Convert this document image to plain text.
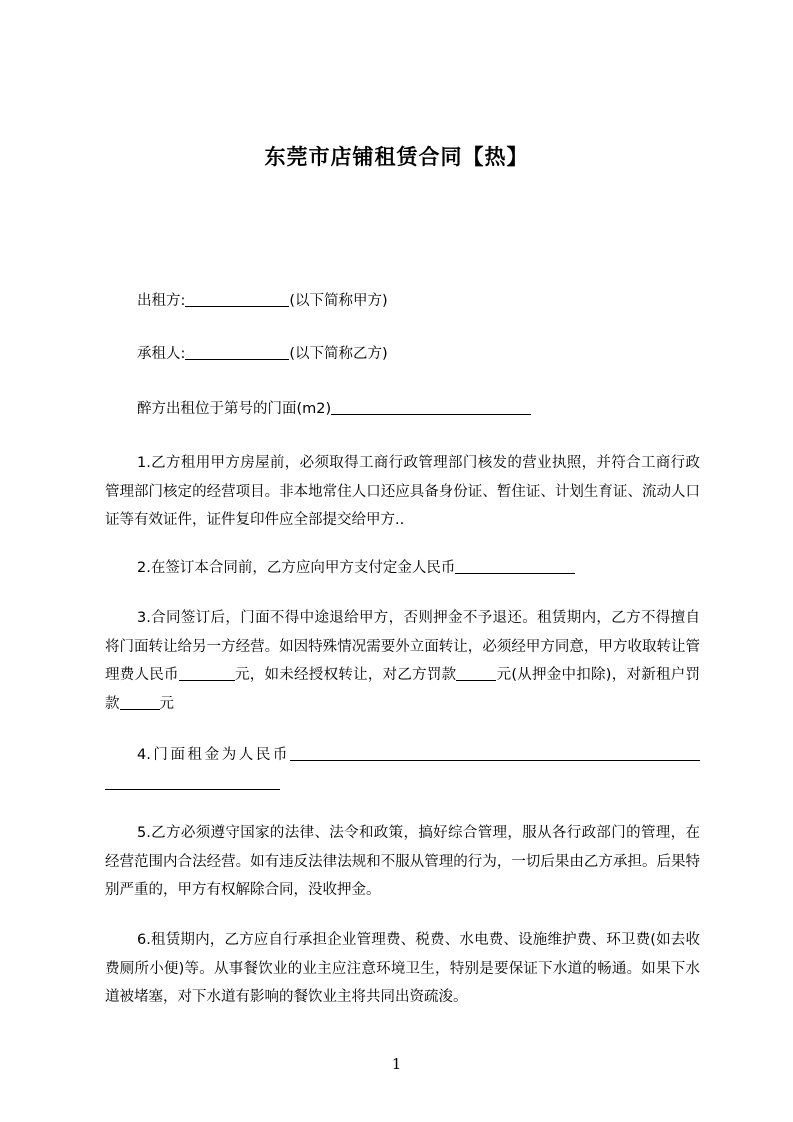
东莞市店铺租赁合同【热】

出租方:	(以下简称甲方)

承租人:	(以下简称乙方)

醉方出租位于第号的门面(m2)

1.乙方租用甲方房屋前，必须取得工商行政管理部门核发的营业执照，并符合工商行政管理部门核定的经营项目。非本地常住人口还应具备身份证、暂住证、计划生育证、流动人口证等有效证件，证件复印件应全部提交给甲方..

2.在签订本合同前，乙方应向甲方支付定金人民币

3.合同签订后，门面不得中途退给甲方，否则押金不予退还。租赁期内，乙方不得擅自将门面转让给另一方经营。如因特殊情况需要外立面转让，必须经甲方同意，甲方收取转让管理费人民币	元，如未经授权转让，对乙方罚款	元(从押金中扣除)，对新租户罚款	元

4.门面租金为人民币

5.乙方必须遵守国家的法律、法令和政策，搞好综合管理，服从各行政部门的管理，在经营范围内合法经营。如有违反法律法规和不服从管理的行为，一切后果由乙方承担。后果特别严重的，甲方有权解除合同，没收押金。

6.租赁期内，乙方应自行承担企业管理费、税费、水电费、设施维护费、环卫费(如去收费厕所小便)等。从事餐饮业的业主应注意环境卫生，特别是要保证下水道的畅通。如果下水道被堵塞，对下水道有影响的餐饮业主将共同出资疏浚。

1
